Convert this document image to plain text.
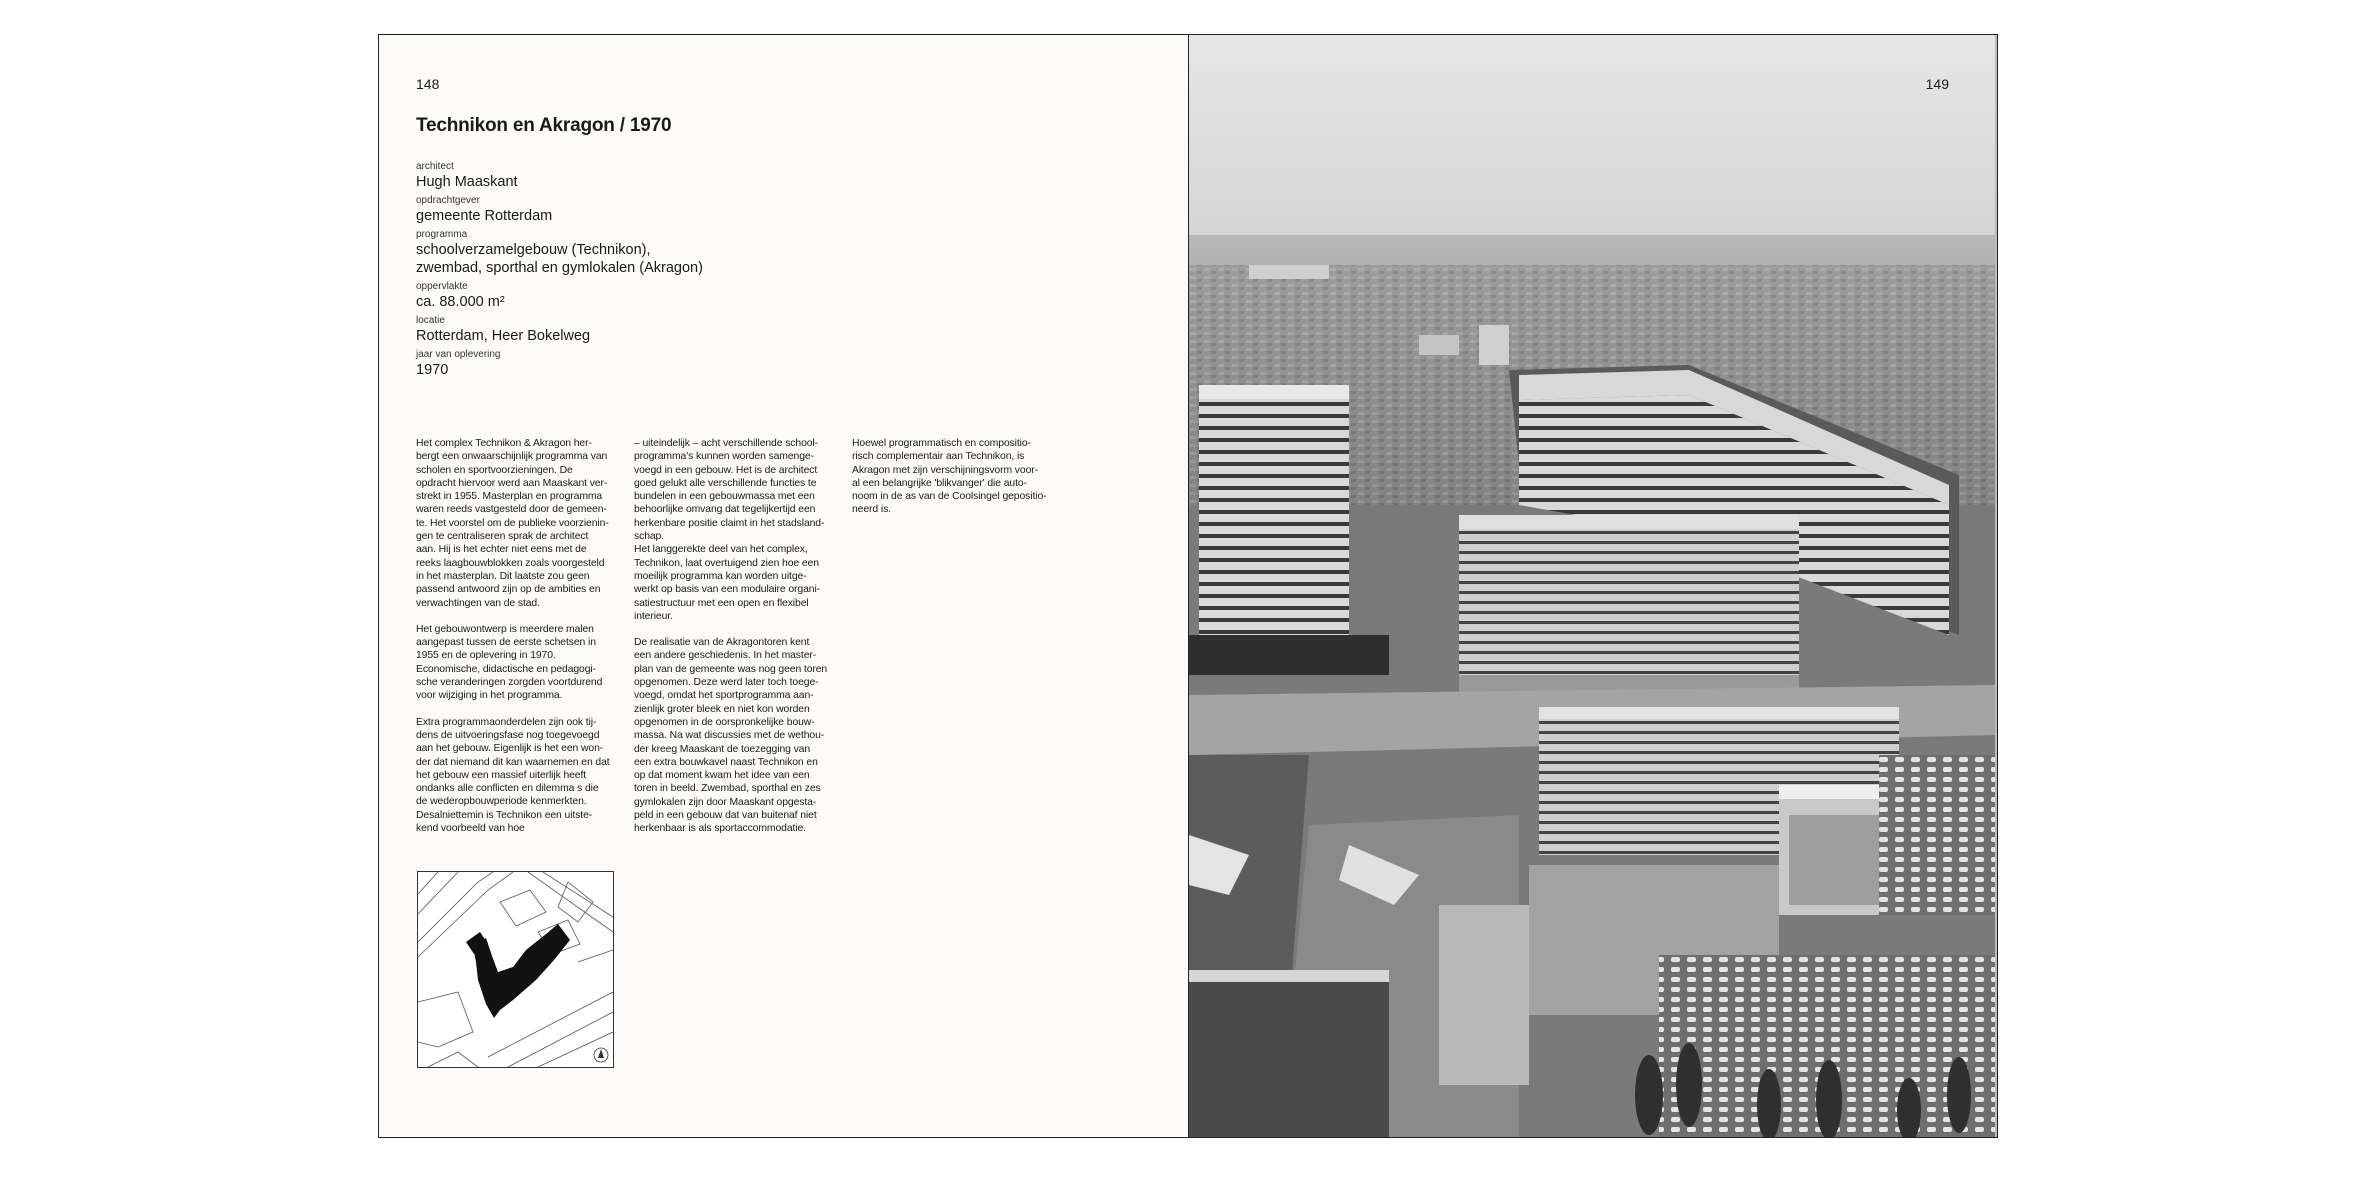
148
Technikon en Akragon / 1970
architect
Hugh Maaskant
opdrachtgever
gemeente Rotterdam
programma
schoolverzamelgebouw (Technikon),
zwembad, sporthal en gymlokalen (Akragon)
oppervlakte
ca. 88.000 m²
locatie
Rotterdam, Heer Bokelweg
jaar van oplevering
1970

Het complex Technikon & Akragon her-
bergt een onwaarschijnlijk programma van
scholen en sportvoorzieningen. De
opdracht hiervoor werd aan Maaskant ver-
strekt in 1955. Masterplan en programma
waren reeds vastgesteld door de gemeen-
te. Het voorstel om de publieke voorzienin-
gen te centraliseren sprak de architect
aan. Hij is het echter niet eens met de
reeks laagbouwblokken zoals voorgesteld
in het masterplan. Dit laatste zou geen
passend antwoord zijn op de ambities en
verwachtingen van de stad.

Het gebouwontwerp is meerdere malen
aangepast tussen de eerste schetsen in
1955 en de oplevering in 1970.
Economische, didactische en pedagogi-
sche veranderingen zorgden voortdurend
voor wijziging in het programma.

Extra programmaonderdelen zijn ook tij-
dens de uitvoeringsfase nog toegevoegd
aan het gebouw. Eigenlijk is het een won-
der dat niemand dit kan waarnemen en dat
het gebouw een massief uiterlijk heeft
ondanks alle conflicten en dilemma s die
de wederopbouwperiode kenmerkten.
Desalniettemin is Technikon een uitste-
kend voorbeeld van hoe

– uiteindelijk – acht verschillende school-
programma's kunnen worden samenge-
voegd in een gebouw. Het is de architect
goed gelukt alle verschillende functies te
bundelen in een gebouwmassa met een
behoorlijke omvang dat tegelijkertijd een
herkenbare positie claimt in het stadsland-
schap.
Het langgerekte deel van het complex,
Technikon, laat overtuigend zien hoe een
moeilijk programma kan worden uitge-
werkt op basis van een modulaire organi-
satiestructuur met een open en flexibel
interieur.

De realisatie van de Akragontoren kent
een andere geschiedenis. In het master-
plan van de gemeente was nog geen toren
opgenomen. Deze werd later toch toege-
voegd, omdat het sportprogramma aan-
zienlijk groter bleek en niet kon worden
opgenomen in de oorspronkelijke bouw-
massa. Na wat discussies met de wethou-
der kreeg Maaskant de toezegging van
een extra bouwkavel naast Technikon en
op dat moment kwam het idee van een
toren in beeld. Zwembad, sporthal en zes
gymlokalen zijn door Maaskant opgesta-
peld in een gebouw dat van buitenaf niet
herkenbaar is als sportaccommodatie.

Hoewel programmatisch en compositio-
risch complementair aan Technikon, is
Akragon met zijn verschijningsvorm voor-
al een belangrijke 'blikvanger' die auto-
noom in de as van de Coolsingel gepositio-
neerd is.

149
